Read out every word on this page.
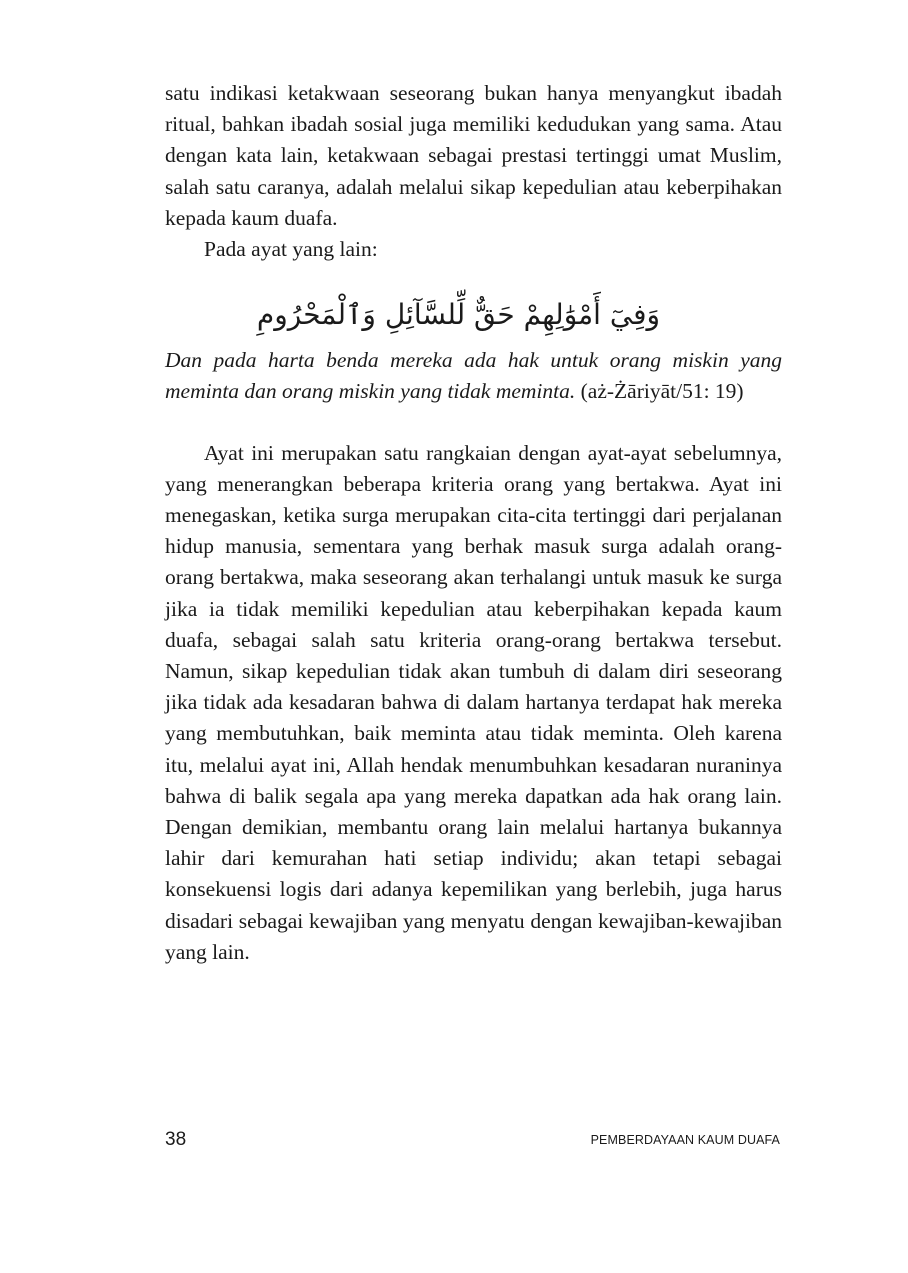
satu indikasi ketakwaan seseorang bukan hanya menyangkut ibadah ritual, bahkan ibadah sosial juga memiliki kedudukan yang sama. Atau dengan kata lain, ketakwaan sebagai prestasi tertinggi umat Muslim, salah satu caranya, adalah melalui sikap kepedulian atau keberpihakan kepada kaum duafa.

Pada ayat yang lain:

وَفِيٓ أَمْوَٰلِهِمْ حَقٌّ لِّلسَّآئِلِ وَٱلْمَحْرُومِ

Dan pada harta benda mereka ada hak untuk orang miskin yang meminta dan orang miskin yang tidak meminta. (aż-Żāriyāt/51: 19)

Ayat ini merupakan satu rangkaian dengan ayat-ayat sebelumnya, yang menerangkan beberapa kriteria orang yang bertakwa. Ayat ini menegaskan, ketika surga merupakan cita-cita tertinggi dari perjalanan hidup manusia, sementara yang berhak masuk surga adalah orang-orang bertakwa, maka seseorang akan terhalangi untuk masuk ke surga jika ia tidak memiliki kepedulian atau keberpihakan kepada kaum duafa, sebagai salah satu kriteria orang-orang bertakwa tersebut. Namun, sikap kepedulian tidak akan tumbuh di dalam diri seseorang jika tidak ada kesadaran bahwa di dalam hartanya terdapat hak mereka yang membutuhkan, baik meminta atau tidak meminta. Oleh karena itu, melalui ayat ini, Allah hendak menumbuhkan kesadaran nuraninya bahwa di balik segala apa yang mereka dapatkan ada hak orang lain. Dengan demikian, membantu orang lain melalui hartanya bukannya lahir dari kemurahan hati setiap individu; akan tetapi sebagai konsekuensi logis dari adanya kepemilikan yang berlebih, juga harus disadari sebagai kewajiban yang menyatu dengan kewajiban-kewajiban yang lain.

38	PEMBERDAYAAN KAUM DUAFA
